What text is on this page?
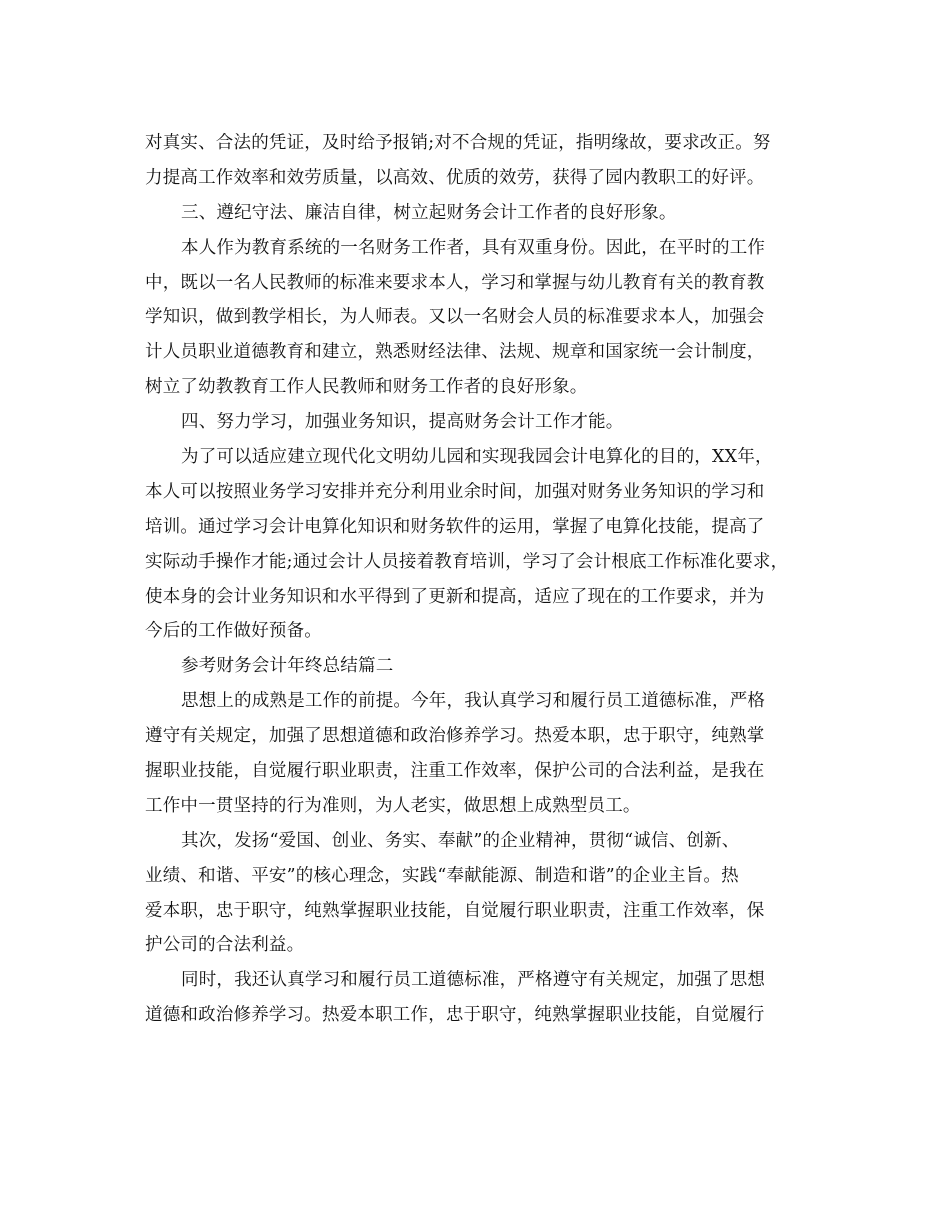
对真实、合法的凭证，及时给予报销;对不合规的凭证，指明缘故，要求改正。努
力提高工作效率和效劳质量，以高效、优质的效劳，获得了园内教职工的好评。
三、遵纪守法、廉洁自律，树立起财务会计工作者的良好形象。
本人作为教育系统的一名财务工作者，具有双重身份。因此，在平时的工作
中，既以一名人民教师的标准来要求本人，学习和掌握与幼儿教育有关的教育教
学知识，做到教学相长，为人师表。又以一名财会人员的标准要求本人，加强会
计人员职业道德教育和建立，熟悉财经法律、法规、规章和国家统一会计制度，
树立了幼教教育工作人民教师和财务工作者的良好形象。
四、努力学习，加强业务知识，提高财务会计工作才能。
为了可以适应建立现代化文明幼儿园和实现我园会计电算化的目的，XX年，
本人可以按照业务学习安排并充分利用业余时间，加强对财务业务知识的学习和
培训。通过学习会计电算化知识和财务软件的运用，掌握了电算化技能，提高了
实际动手操作才能;通过会计人员接着教育培训，学习了会计根底工作标准化要求，
使本身的会计业务知识和水平得到了更新和提高，适应了现在的工作要求，并为
今后的工作做好预备。
参考财务会计年终总结篇二
思想上的成熟是工作的前提。今年，我认真学习和履行员工道德标准，严格
遵守有关规定，加强了思想道德和政治修养学习。热爱本职，忠于职守，纯熟掌
握职业技能，自觉履行职业职责，注重工作效率，保护公司的合法利益，是我在
工作中一贯坚持的行为准则，为人老实，做思想上成熟型员工。
其次，发扬“爱国、创业、务实、奉献”的企业精神，贯彻“诚信、创新、
业绩、和谐、平安”的核心理念，实践“奉献能源、制造和谐”的企业主旨。热
爱本职，忠于职守，纯熟掌握职业技能，自觉履行职业职责，注重工作效率，保
护公司的合法利益。
同时，我还认真学习和履行员工道德标准，严格遵守有关规定，加强了思想
道德和政治修养学习。热爱本职工作，忠于职守，纯熟掌握职业技能，自觉履行
